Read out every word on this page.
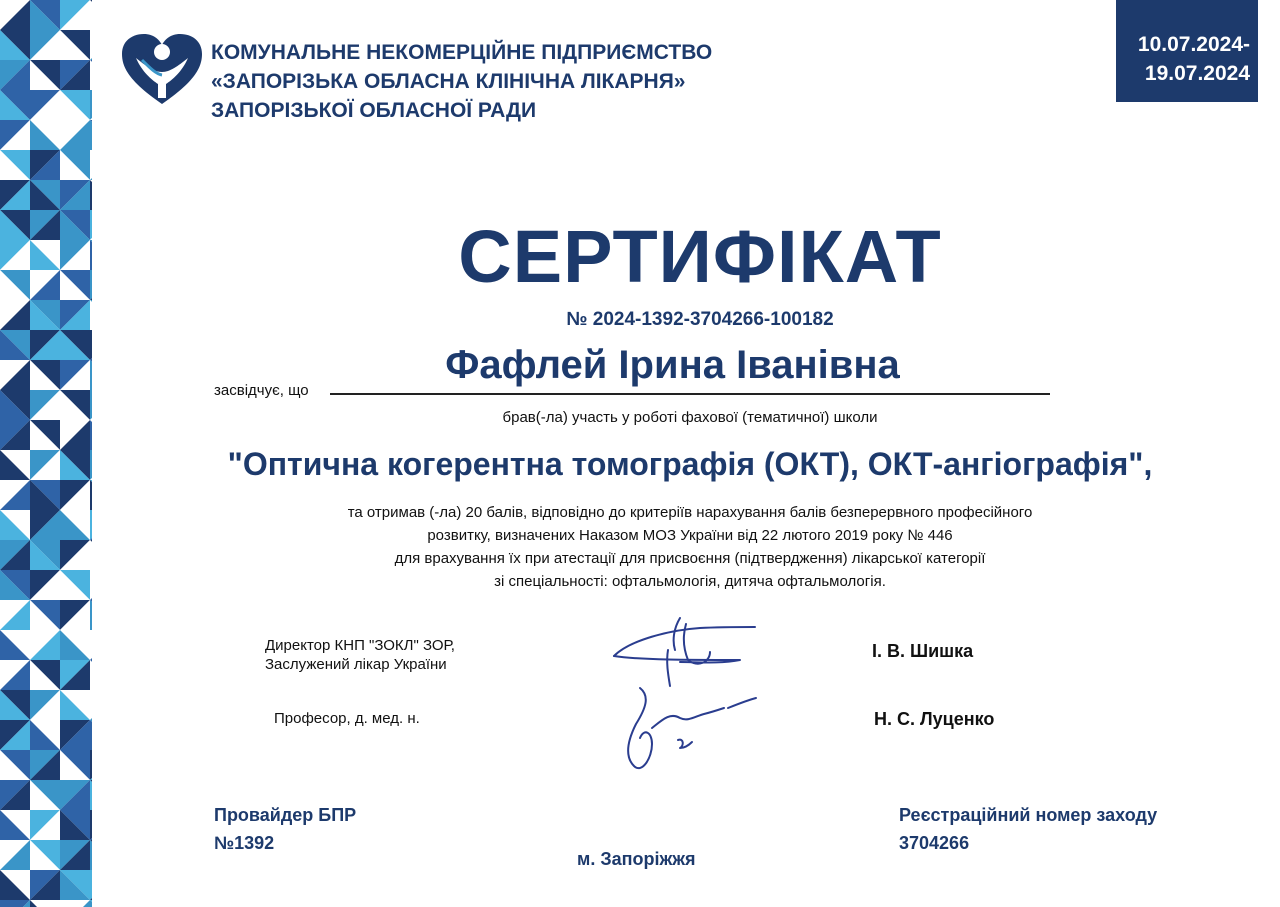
КОМУНАЛЬНЕ НЕКОМЕРЦІЙНЕ ПІДПРИЄМСТВО
«ЗАПОРІЗЬКА ОБЛАСНА КЛІНІЧНА ЛІКАРНЯ»
ЗАПОРІЗЬКОЇ ОБЛАСНОЇ РАДИ
10.07.2024-
19.07.2024
СЕРТИФІКАТ
№ 2024-1392-3704266-100182
засвідчує, що
Фафлей Ірина Іванівна
брав(-ла) участь у роботі фахової (тематичної) школи
"Оптична когерентна томографія (ОКТ), ОКТ-ангіографія",
та отримав (-ла) 20 балів, відповідно до критеріїв нарахування балів безперервного професійного
розвитку, визначених Наказом МОЗ України від 22 лютого 2019 року № 446
для врахування їх при атестації для присвоєння (підтвердження) лікарської категорії
зі спеціальності: офтальмологія, дитяча офтальмологія.
Директор КНП "ЗОКЛ" ЗОР,
Заслужений лікар України
Професор, д. мед. н.
І. В. Шишка
Н. С. Луценко
Провайдер БПР
№1392
м. Запоріжжя
Реєстраційний номер заходу
3704266
